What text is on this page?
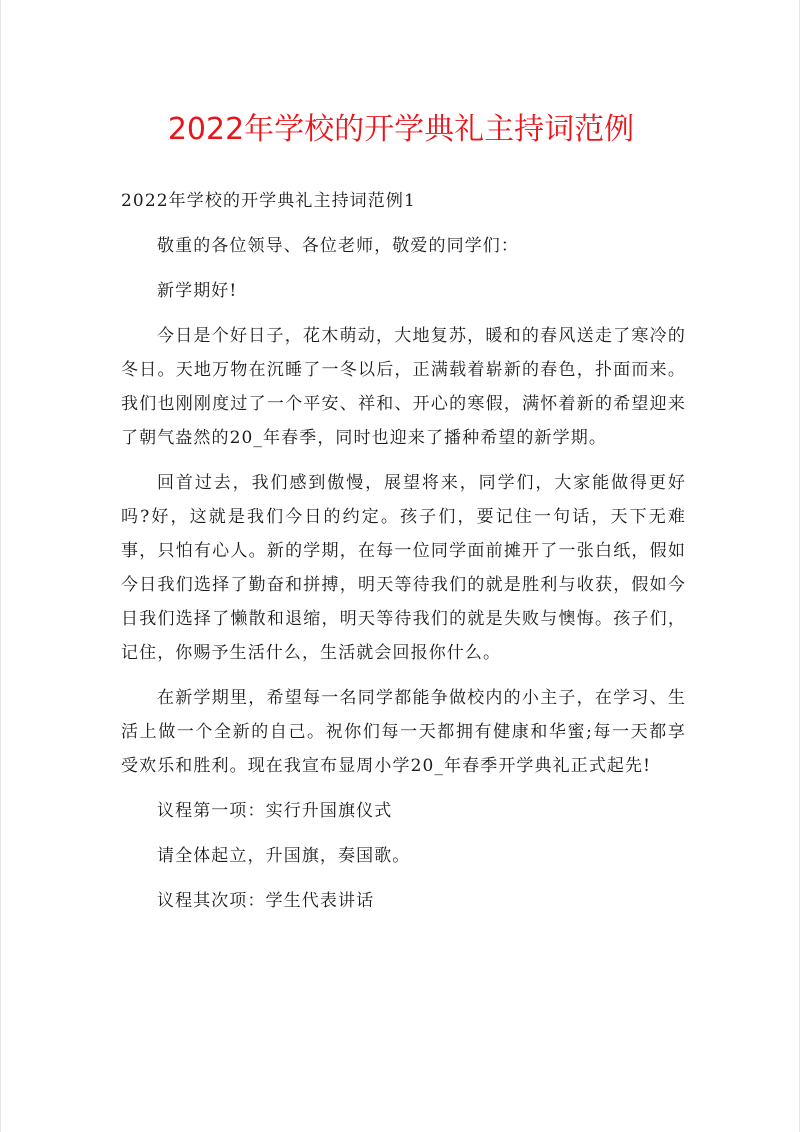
2022年学校的开学典礼主持词范例

2022年学校的开学典礼主持词范例1

敬重的各位领导、各位老师，敬爱的同学们：

新学期好!

今日是个好日子，花木萌动，大地复苏，暖和的春风送走了寒冷的冬日。天地万物在沉睡了一冬以后，正满载着崭新的春色，扑面而来。我们也刚刚度过了一个平安、祥和、开心的寒假，满怀着新的希望迎来了朝气盎然的20_年春季，同时也迎来了播种希望的新学期。

回首过去，我们感到傲慢，展望将来，同学们，大家能做得更好吗?好，这就是我们今日的约定。孩子们，要记住一句话，天下无难事，只怕有心人。新的学期，在每一位同学面前摊开了一张白纸，假如今日我们选择了勤奋和拼搏，明天等待我们的就是胜利与收获，假如今日我们选择了懒散和退缩，明天等待我们的就是失败与懊悔。孩子们，记住，你赐予生活什么，生活就会回报你什么。

在新学期里，希望每一名同学都能争做校内的小主子，在学习、生活上做一个全新的自己。祝你们每一天都拥有健康和华蜜;每一天都享受欢乐和胜利。现在我宣布显周小学20_年春季开学典礼正式起先!

议程第一项：实行升国旗仪式

请全体起立，升国旗，奏国歌。

议程其次项：学生代表讲话
